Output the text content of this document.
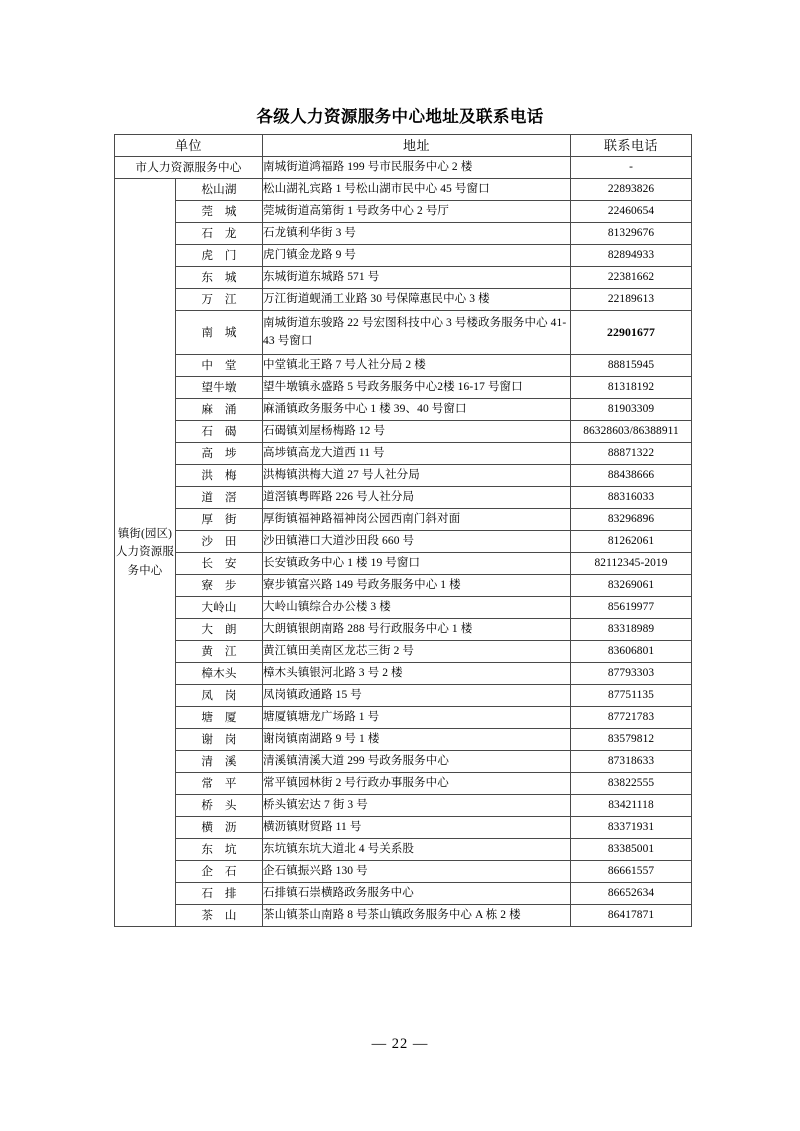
各级人力资源服务中心地址及联系电话
单位		地址	联系电话
市人力资源服务中心		南城街道鸿福路 199 号市民服务中心 2 楼	-
镇街(园区)人力资源服务中心	松山湖	松山湖礼宾路 1 号松山湖市民中心 45 号窗口	22893826
	莞　城	莞城街道高第街 1 号政务中心 2 号厅	22460654
	石　龙	石龙镇利华街 3 号	81329676
	虎　门	虎门镇金龙路 9 号	82894933
	东　城	东城街道东城路 571 号	22381662
	万　江	万江街道蚬涌工业路 30 号保障惠民中心 3 楼	22189613
	南　城	南城街道东骏路 22 号宏图科技中心 3 号楼政务服务中心 41-43 号窗口	22901677
	中　堂	中堂镇北王路 7 号人社分局 2 楼	88815945
	望牛墩	望牛墩镇永盛路 5 号政务服务中心2楼 16-17 号窗口	81318192
	麻　涌	麻涌镇政务服务中心 1 楼 39、40 号窗口	81903309
	石　碣	石碣镇刘屋杨梅路 12 号	86328603/86388911
	高　埗	高埗镇高龙大道西 11 号	88871322
	洪　梅	洪梅镇洪梅大道 27 号人社分局	88438666
	道　滘	道滘镇粤晖路 226 号人社分局	88316033
	厚　街	厚街镇福神路福神岗公园西南门斜对面	83296896
	沙　田	沙田镇港口大道沙田段 660 号	81262061
	长　安	长安镇政务中心 1 楼 19 号窗口	82112345-2019
	寮　步	寮步镇富兴路 149 号政务服务中心 1 楼	83269061
	大岭山	大岭山镇综合办公楼 3 楼	85619977
	大　朗	大朗镇银朗南路 288 号行政服务中心 1 楼	83318989
	黄　江	黄江镇田美南区龙芯三街 2 号	83606801
	樟木头	樟木头镇银河北路 3 号 2 楼	87793303
	凤　岗	凤岗镇政通路 15 号	87751135
	塘　厦	塘厦镇塘龙广场路 1 号	87721783
	谢　岗	谢岗镇南湖路 9 号 1 楼	83579812
	清　溪	清溪镇清溪大道 299 号政务服务中心	87318633
	常　平	常平镇园林街 2 号行政办事服务中心	83822555
	桥　头	桥头镇宏达 7 街 3 号	83421118
	横　沥	横沥镇财贸路 11 号	83371931
	东　坑	东坑镇东坑大道北 4 号关系股	83385001
	企　石	企石镇振兴路 130 号	86661557
	石　排	石排镇石崇横路政务服务中心	86652634
	茶　山	茶山镇茶山南路 8 号茶山镇政务服务中心 A 栋 2 楼	86417871
— 22 —
